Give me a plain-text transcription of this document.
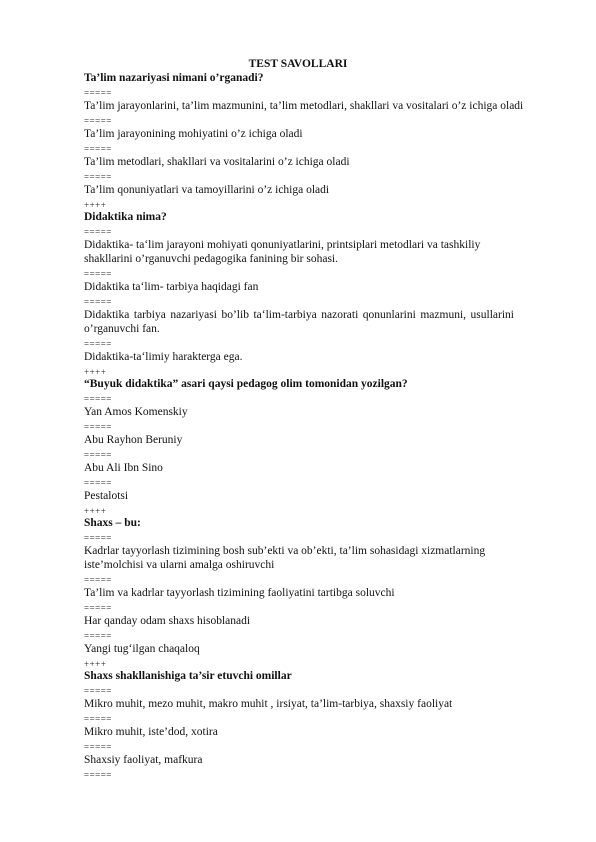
TEST SAVOLLARI
Ta’lim nazariyasi nimani o’rganadi?
=====
Ta’lim jarayonlarini, ta’lim mazmunini, ta’lim metodlari, shakllari va vositalari o’z ichiga oladi
=====
Ta’lim jarayonining mohiyatini o’z ichiga oladi
=====
Ta’lim metodlari, shakllari va vositalarini o’z ichiga oladi
=====
Ta’lim qonuniyatlari va tamoyillarini o’z ichiga oladi
++++
Didaktika nima?
=====
Didaktika- ta‘lim jarayoni mohiyati qonuniyatlarini, printsiplari metodlari va tashkiliy shakllarini o’rganuvchi pedagogika fanining bir sohasi.
=====
Didaktika ta‘lim- tarbiya haqidagi fan
=====
Didaktika tarbiya nazariyasi bo’lib ta‘lim-tarbiya nazorati qonunlarini mazmuni, usullarini o’rganuvchi fan.
=====
Didaktika-ta‘limiy harakterga ega.
++++
“Buyuk didaktika” asari qaysi pedagog olim tomonidan yozilgan?
=====
Yan Amos Komenskiy
=====
Abu Rayhon Beruniy
=====
Abu Ali Ibn Sino
=====
Pestalotsi
++++
Shaxs – bu:
=====
Kadrlar tayyorlash tizimining bosh sub’ekti va ob’ekti, ta’lim sohasidagi xizmatlarning iste’molchisi va ularni amalga oshiruvchi
=====
Ta’lim va kadrlar tayyorlash tizimining faoliyatini tartibga soluvchi
=====
Har qanday odam shaxs hisoblanadi
=====
Yangi tug‘ilgan chaqaloq
++++
Shaxs shakllanishiga ta’sir etuvchi omillar
=====
Mikro muhit, mezo muhit, makro muhit , irsiyat, ta’lim-tarbiya, shaxsiy faoliyat
=====
Mikro muhit, iste’dod, xotira
=====
Shaxsiy faoliyat, mafkura
=====
